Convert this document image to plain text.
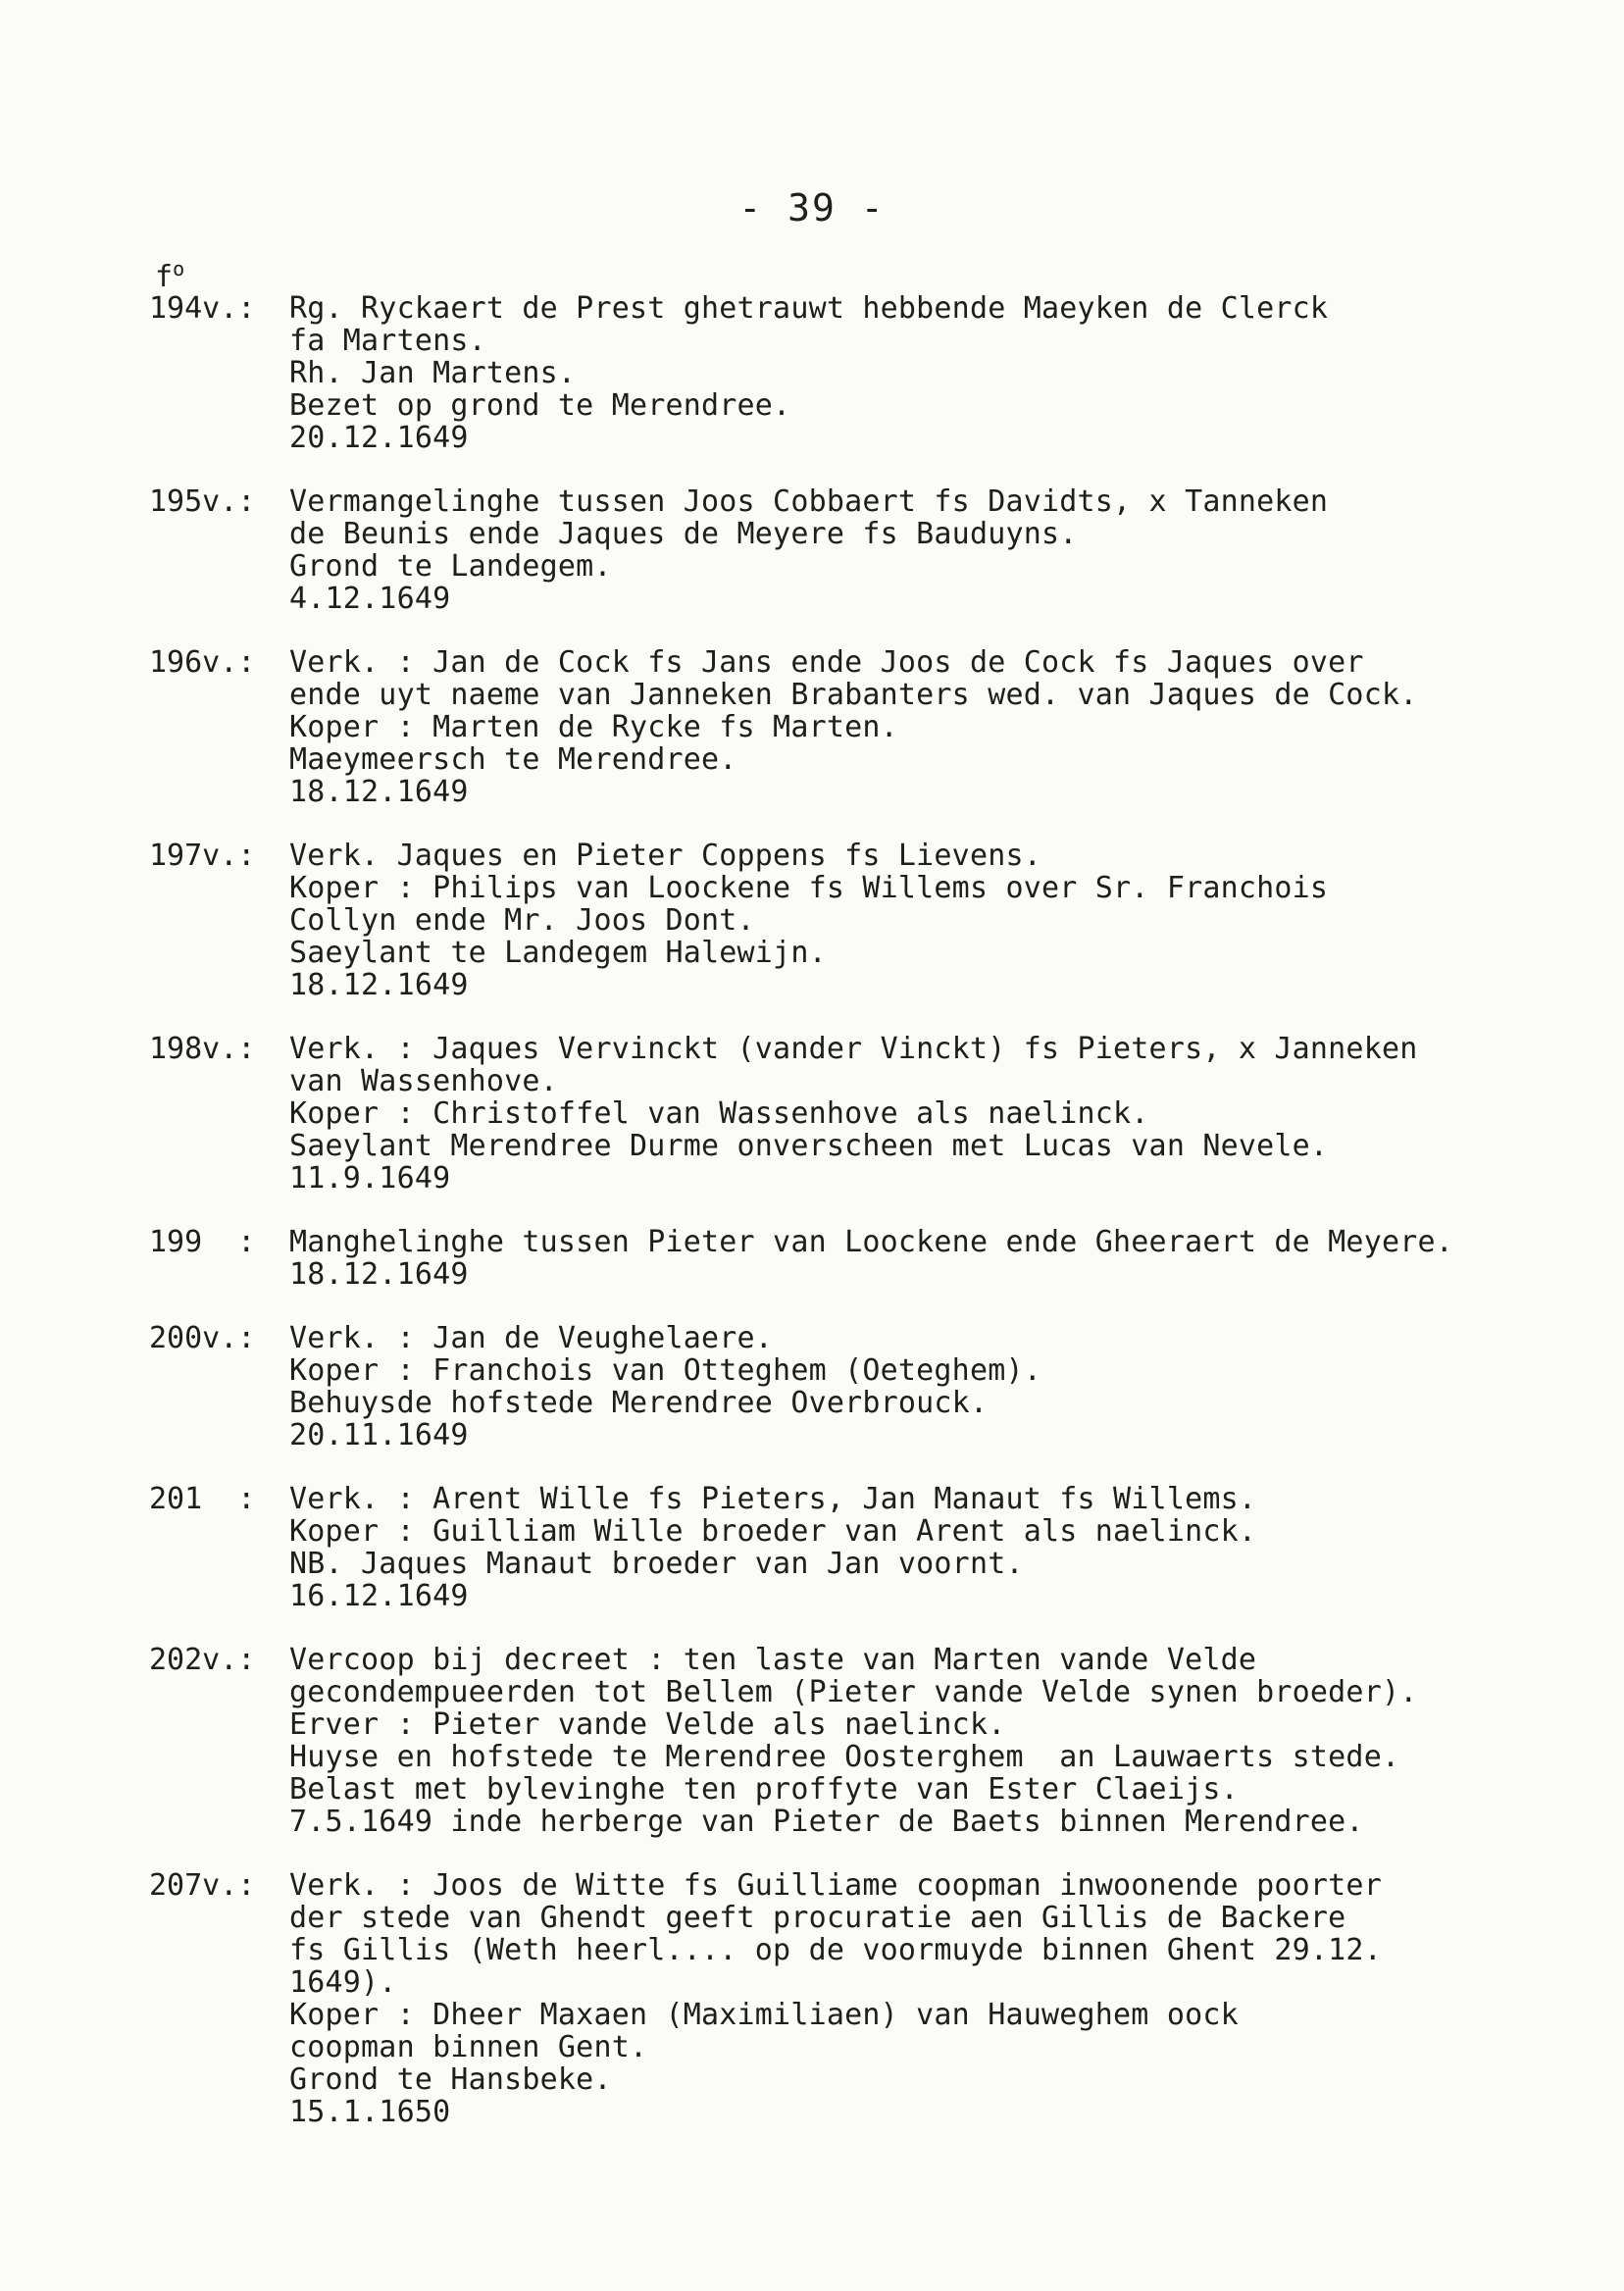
- 39 -
$f^o$
194v.:	Rg. Ryckaert de Prest ghetrauwt hebbende Maeyken de Clerck
fa Martens.
Rh. Jan Martens.
Bezet op grond te Merendree.
20.12.1649
195v.:	Vermangelinghe tussen Joos Cobbaert fs Davidts, x Tanneken
de Beunis ende Jaques de Meyere fs Bauduyns.
Grond te Landegem.
4.12.1649
196v.:	Verk. : Jan de Cock fs Jans ende Joos de Cock fs Jaques over
ende uyt naeme van Janneken Brabanters wed. van Jaques de Cock.
Koper : Marten de Rycke fs Marten.
Maeymeersch te Merendree.
18.12.1649
197v.:	Verk. Jaques en Pieter Coppens fs Lievens.
Koper : Philips van Loockene fs Willems over Sr. Franchois
Collyn ende Mr. Joos Dont.
Saeylant te Landegem Halewijn.
18.12.1649
198v.:	Verk. : Jaques Vervinckt (vander Vinckt) fs Pieters, x Janneken
van Wassenhove.
Koper : Christoffel van Wassenhove als naelinck.
Saeylant Merendree Durme onverscheen met Lucas van Nevele.
11.9.1649
199  :	Manghelinghe tussen Pieter van Loockene ende Gheeraert de Meyere.
18.12.1649
200v.:	Verk. : Jan de Veughelaere.
Koper : Franchois van Otteghem (Oeteghem).
Behuysde hofstede Merendree Overbrouck.
20.11.1649
201  :	Verk. : Arent Wille fs Pieters, Jan Manaut fs Willems.
Koper : Guilliam Wille broeder van Arent als naelinck.
NB. Jaques Manaut broeder van Jan voornt.
16.12.1649
202v.:	Vercoop bij decreet : ten laste van Marten vande Velde
gecondempueerden tot Bellem (Pieter vande Velde synen broeder).
Erver : Pieter vande Velde als naelinck.
Huyse en hofstede te Merendree Oosterghem  an Lauwaerts stede.
Belast met bylevinghe ten proffyte van Ester Claeijs.
7.5.1649 inde herberge van Pieter de Baets binnen Merendree.
207v.:	Verk. : Joos de Witte fs Guilliame coopman inwoonende poorter
der stede van Ghendt geeft procuratie aen Gillis de Backere
fs Gillis (Weth heerl.... op de voormuyde binnen Ghent 29.12.
1649).
Koper : Dheer Maxaen (Maximiliaen) van Hauweghem oock
coopman binnen Gent.
Grond te Hansbeke.
15.1.1650
